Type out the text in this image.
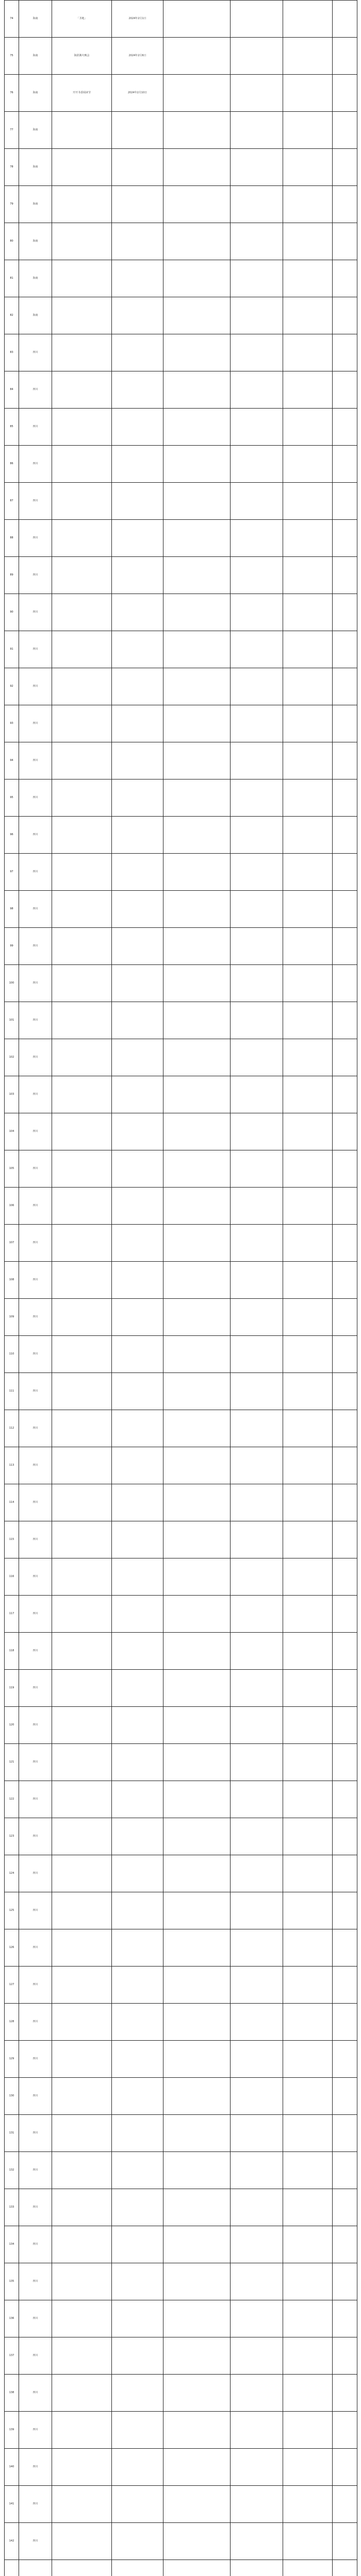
74	海南	「圣地」	2024年2月1日				
75	海南	海滨篝火晚会	2024年2月6日				
76	海南	开开书香阅读节	2024年2月10日				
77	海南						
78	海南						
79	海南						
80	海南						
81	海南						
82	海南						
83	四川						
84	四川						
85	四川						
86	四川						
87	四川						
88	四川						
89	四川						
90	四川						
91	四川						
92	四川						
93	四川						
94	四川						
95	四川						
96	四川						
97	四川						
98	四川						
99	四川						
100	四川						
101	四川						
102	四川						
103	四川						
104	四川						
105	四川						
106	四川						
107	四川						
108	四川						
109	四川						
110	四川						
111	四川						
112	四川						
113	四川						
114	四川						
115	四川						
116	四川						
117	四川						
118	四川						
119	四川						
120	四川						
121	四川						
122	四川						
123	四川						
124	四川						
125	四川						
126	四川						
127	四川						
128	四川						
129	四川						
130	四川						
131	四川						
132	四川						
133	四川						
134	四川						
135	四川						
136	四川						
137	四川						
138	四川						
139	四川						
140	四川						
141	四川						
142	四川						
